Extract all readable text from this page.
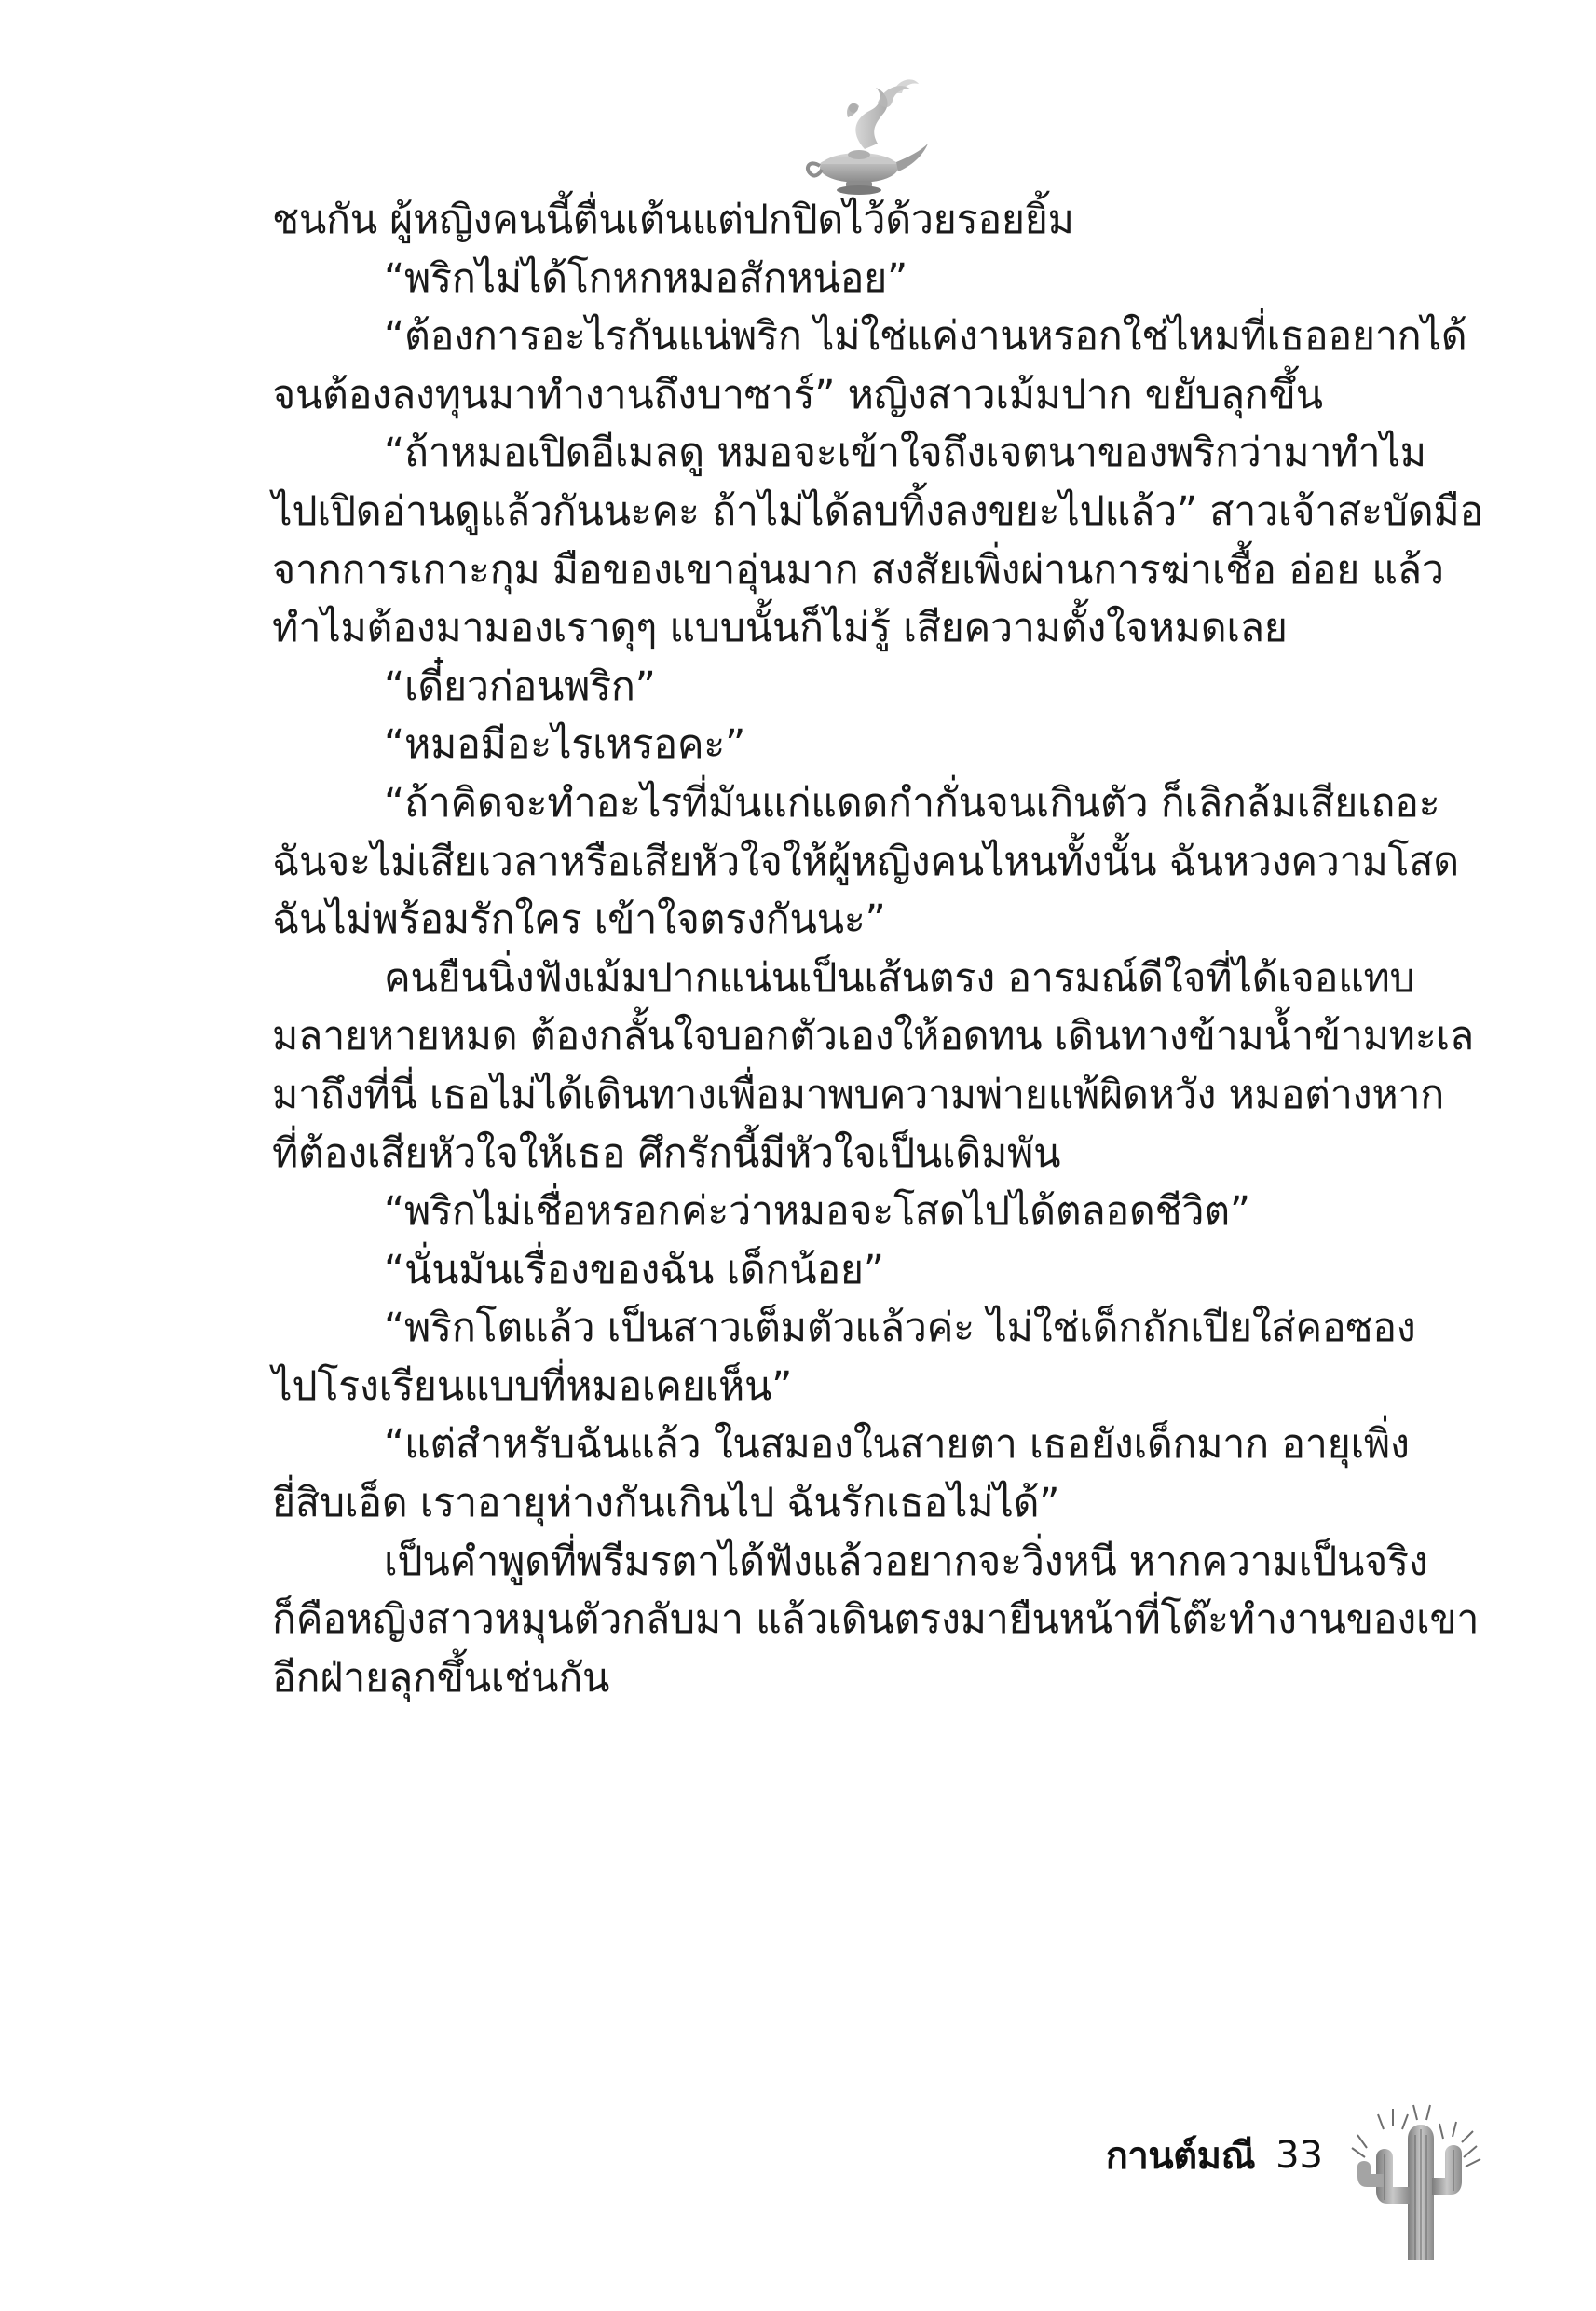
ชนกัน ผู้หญิงคนนี้ตื่นเต้นแต่ปกปิดไว้ด้วยรอยยิ้ม
“พริกไม่ได้โกหกหมอสักหน่อย”
“ต้องการอะไรกันแน่พริก ไม่ใช่แค่งานหรอกใช่ไหมที่เธออยากได้
จนต้องลงทุนมาทำงานถึงบาซาร์” หญิงสาวเม้มปาก ขยับลุกขึ้น
“ถ้าหมอเปิดอีเมลดู หมอจะเข้าใจถึงเจตนาของพริกว่ามาทำไม
ไปเปิดอ่านดูแล้วกันนะคะ ถ้าไม่ได้ลบทิ้งลงขยะไปแล้ว” สาวเจ้าสะบัดมือ
จากการเกาะกุม มือของเขาอุ่นมาก สงสัยเพิ่งผ่านการฆ่าเชื้อ อ่อย แล้ว
ทำไมต้องมามองเราดุๆ แบบนั้นก็ไม่รู้ เสียความตั้งใจหมดเลย
“เดี๋ยวก่อนพริก”
“หมอมีอะไรเหรอคะ”
“ถ้าคิดจะทำอะไรที่มันแก่แดดกำกั่นจนเกินตัว ก็เลิกล้มเสียเถอะ
ฉันจะไม่เสียเวลาหรือเสียหัวใจให้ผู้หญิงคนไหนทั้งนั้น ฉันหวงความโสด
ฉันไม่พร้อมรักใคร เข้าใจตรงกันนะ”
คนยืนนิ่งฟังเม้มปากแน่นเป็นเส้นตรง อารมณ์ดีใจที่ได้เจอแทบ
มลายหายหมด ต้องกลั้นใจบอกตัวเองให้อดทน เดินทางข้ามน้ำข้ามทะเล
มาถึงที่นี่ เธอไม่ได้เดินทางเพื่อมาพบความพ่ายแพ้ผิดหวัง หมอต่างหาก
ที่ต้องเสียหัวใจให้เธอ ศึกรักนี้มีหัวใจเป็นเดิมพัน
“พริกไม่เชื่อหรอกค่ะว่าหมอจะโสดไปได้ตลอดชีวิต”
“นั่นมันเรื่องของฉัน เด็กน้อย”
“พริกโตแล้ว เป็นสาวเต็มตัวแล้วค่ะ ไม่ใช่เด็กถักเปียใส่คอซอง
ไปโรงเรียนแบบที่หมอเคยเห็น”
“แต่สำหรับฉันแล้ว ในสมองในสายตา เธอยังเด็กมาก อายุเพิ่ง
ยี่สิบเอ็ด เราอายุห่างกันเกินไป ฉันรักเธอไม่ได้”
เป็นคำพูดที่พรีมรตาได้ฟังแล้วอยากจะวิ่งหนี หากความเป็นจริง
ก็คือหญิงสาวหมุนตัวกลับมา แล้วเดินตรงมายืนหน้าที่โต๊ะทำงานของเขา
อีกฝ่ายลุกขึ้นเช่นกัน
กานต์มณี 33
